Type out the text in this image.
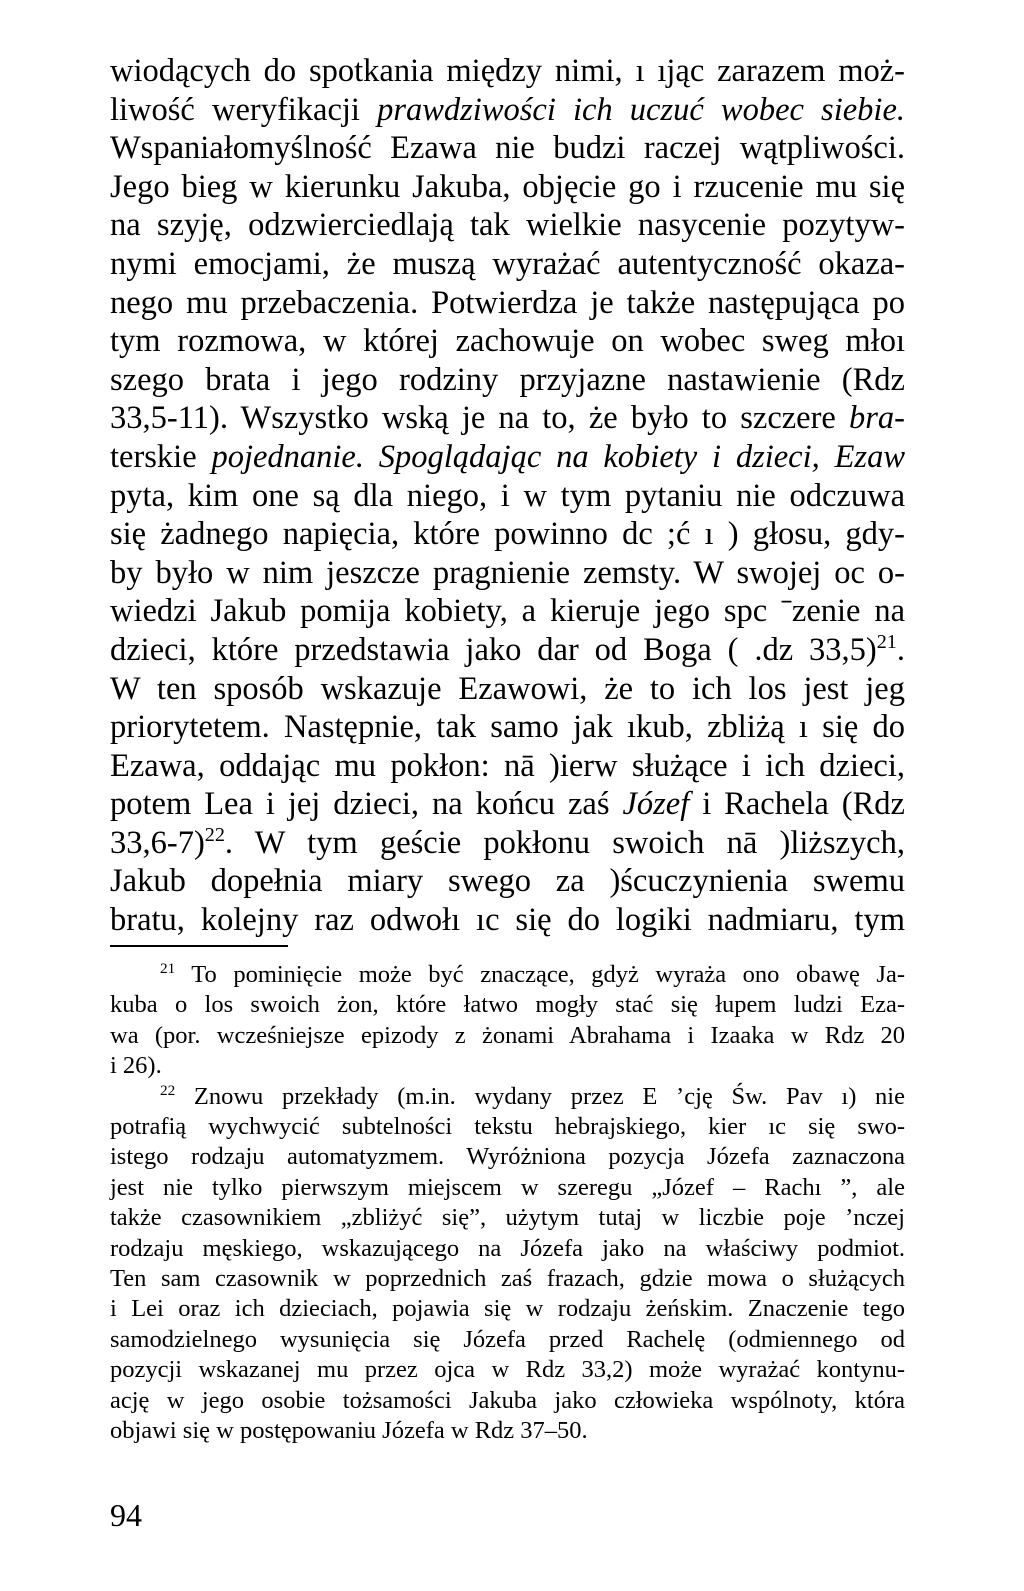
wiodących do spotkania między nimi, ı ıjąc zarazem moż-
liwość weryfikacji prawdziwości ich uczuć wobec siebie.
Wspaniałomyślność Ezawa nie budzi raczej wątpliwości.
Jego bieg w kierunku Jakuba, objęcie go i rzucenie mu się
na szyję, odzwierciedlają tak wielkie nasycenie pozytyw-
nymi emocjami, że muszą wyrażać autentyczność okaza-
nego mu przebaczenia. Potwierdza je także następująca po
tym rozmowa, w której zachowuje on wobec sweg młoı
szego brata i jego rodziny przyjazne nastawienie (Rdz
33,5-11). Wszystko wską je na to, że było to szczere bra-
terskie pojednanie. Spoglądając na kobiety i dzieci, Ezaw
pyta, kim one są dla niego, i w tym pytaniu nie odczuwa
się żadnego napięcia, które powinno dc ;ć ı ) głosu, gdy-
by było w nim jeszcze pragnienie zemsty. W swojej oc o-
wiedzi Jakub pomija kobiety, a kieruje jego spc ˉzenie na
dzieci, które przedstawia jako dar od Boga ( .dz 33,5)$^{21}$.
W ten sposób wskazuje Ezawowi, że to ich los jest jeg
priorytetem. Następnie, tak samo jak ıkub, zbliżą ı się do
Ezawa, oddając mu pokłon: nā )ierw służące i ich dzieci,
potem Lea i jej dzieci, na końcu zaś Józef i Rachela (Rdz
33,6-7)$^{22}$. W tym geście pokłonu swoich nā )liższych,
Jakub dopełnia miary swego za )ścuczynienia swemu
bratu, kolejny raz odwołı ıc się do logiki nadmiaru, tym

$^{21}$ To pominięcie może być znaczące, gdyż wyraża ono obawę Ja-
kuba o los swoich żon, które łatwo mogły stać się łupem ludzi Eza-
wa (por. wcześniejsze epizody z żonami Abrahama i Izaaka w Rdz 20
i 26).

$^{22}$ Znowu przekłady (m.in. wydany przez E ʼcję Św. Pav ı) nie
potrafią wychwycić subtelności tekstu hebrajskiego, kier ıc się swo-
istego rodzaju automatyzmem. Wyróżniona pozycja Józefa zaznaczona
jest nie tylko pierwszym miejscem w szeregu „Józef – Rachı ”, ale
także czasownikiem „zbliżyć się”, użytym tutaj w liczbie poje ʼnczej
rodzaju męskiego, wskazującego na Józefa jako na właściwy podmiot.
Ten sam czasownik w poprzednich zaś frazach, gdzie mowa o służących
i Lei oraz ich dzieciach, pojawia się w rodzaju żeńskim. Znaczenie tego
samodzielnego wysunięcia się Józefa przed Rachelę (odmiennego od
pozycji wskazanej mu przez ojca w Rdz 33,2) może wyrażać kontynu-
ację w jego osobie tożsamości Jakuba jako człowieka wspólnoty, która
objawi się w postępowaniu Józefa w Rdz 37–50.

94
